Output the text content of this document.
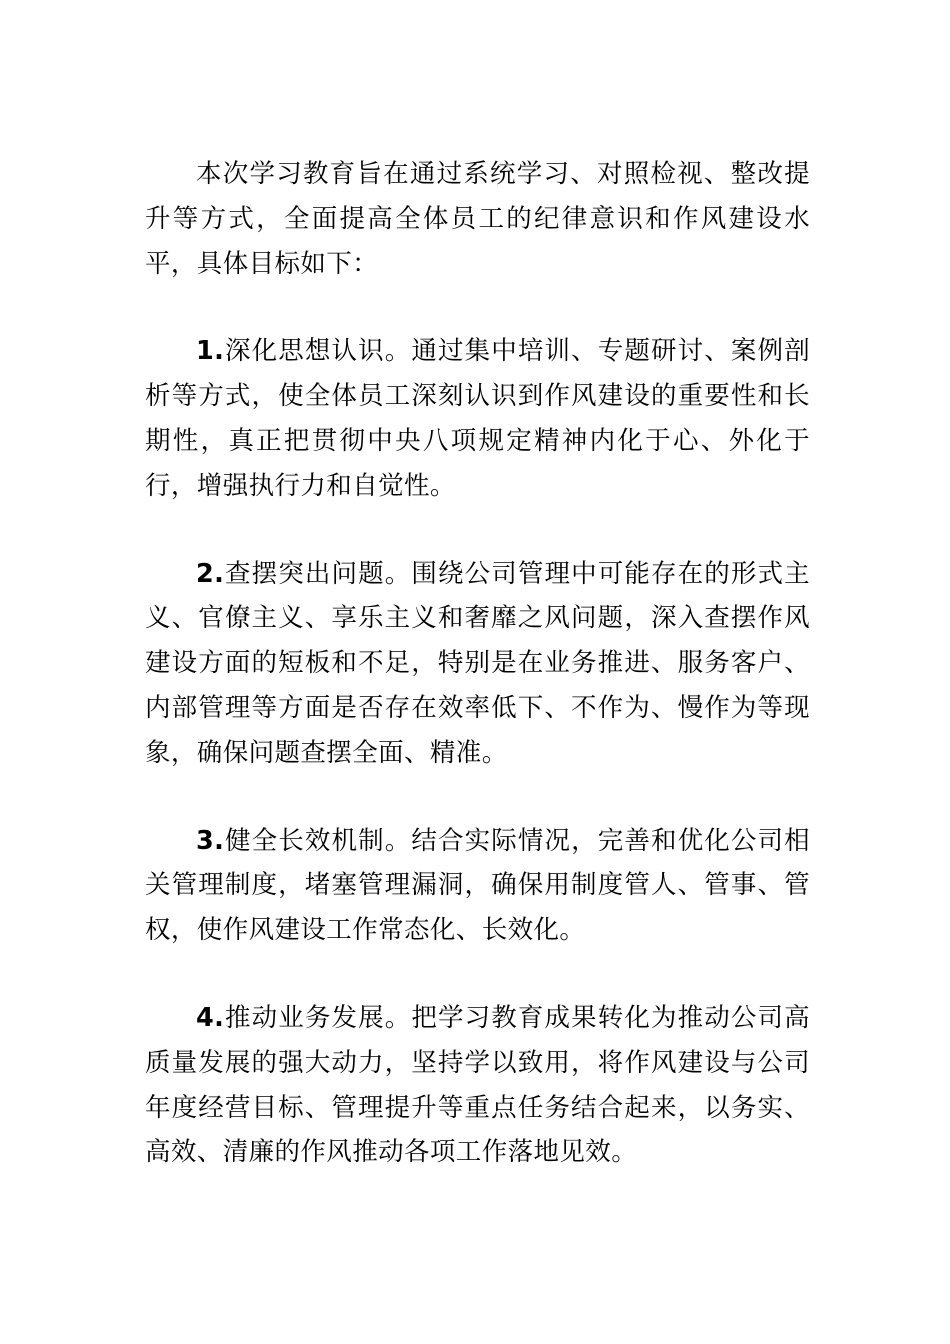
本次学习教育旨在通过系统学习、对照检视、整改提升等方式，全面提高全体员工的纪律意识和作风建设水平，具体目标如下：

1.深化思想认识。通过集中培训、专题研讨、案例剖析等方式，使全体员工深刻认识到作风建设的重要性和长期性，真正把贯彻中央八项规定精神内化于心、外化于行，增强执行力和自觉性。

2.查摆突出问题。围绕公司管理中可能存在的形式主义、官僚主义、享乐主义和奢靡之风问题，深入查摆作风建设方面的短板和不足，特别是在业务推进、服务客户、内部管理等方面是否存在效率低下、不作为、慢作为等现象，确保问题查摆全面、精准。

3.健全长效机制。结合实际情况，完善和优化公司相关管理制度，堵塞管理漏洞，确保用制度管人、管事、管权，使作风建设工作常态化、长效化。

4.推动业务发展。把学习教育成果转化为推动公司高质量发展的强大动力，坚持学以致用，将作风建设与公司年度经营目标、管理提升等重点任务结合起来，以务实、高效、清廉的作风推动各项工作落地见效。
